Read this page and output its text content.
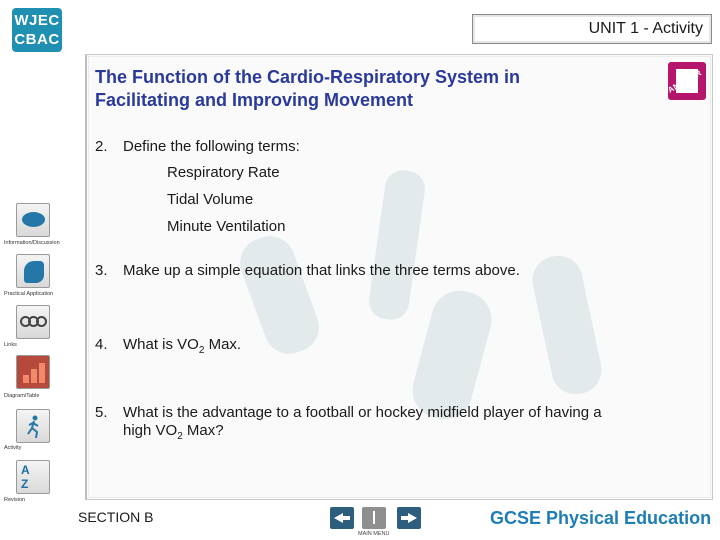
WJEC
CBAC
UNIT 1 - Activity
The Function of the Cardio-Respiratory System in Facilitating and Improving Movement
ANSWER
2. Define the following terms:
Respiratory Rate
Tidal Volume
Minute Ventilation
3. Make up a simple equation that links the three terms above.
4. What is $VO_2$ Max.
5. What is the advantage to a football or hockey midfield player of having a high $VO_2$ Max?
Information/Discussion
Practical Application
Links
Diagram/Table
Activity
A
Z
Revision
SECTION B
MAIN MENU
GCSE Physical Education
